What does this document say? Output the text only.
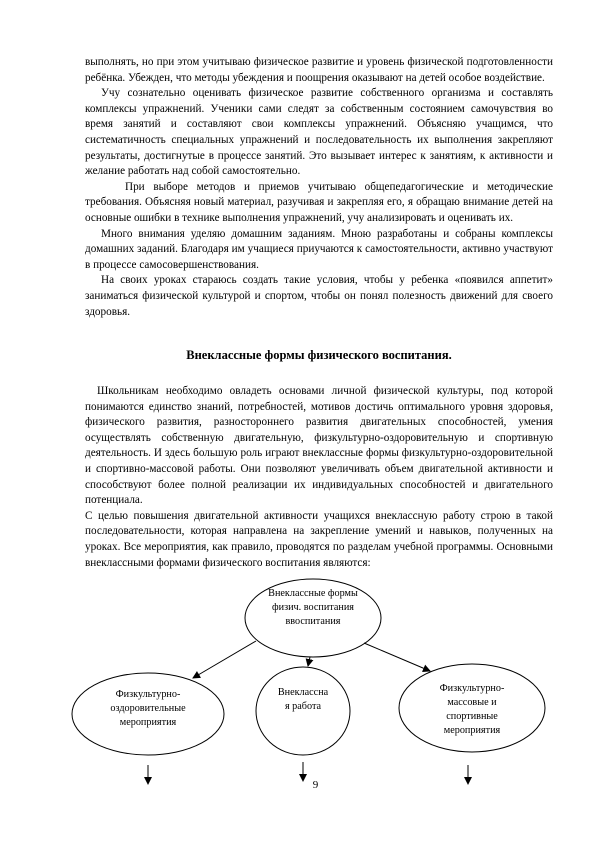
выполнять, но при этом учитываю физическое развитие и уровень физической подготовленности ребёнка. Убежден, что методы убеждения и поощрения оказывают на детей особое воздействие.

Учу сознательно оценивать физическое развитие собственного организма и составлять комплексы упражнений. Ученики сами следят за собственным состоянием самочувствия во время занятий и составляют свои комплексы упражнений. Объясняю учащимся, что систематичность специальных упражнений и последовательность их выполнения закрепляют результаты, достигнутые в процессе занятий. Это вызывает интерес к занятиям, к активности и желание работать над собой самостоятельно.

При выборе методов и приемов учитываю общепедагогические и методические требования. Объясняя новый материал, разучивая и закрепляя его, я обращаю внимание детей на основные ошибки в технике выполнения упражнений, учу анализировать и оценивать их.

Много внимания уделяю домашним заданиям. Мною разработаны и собраны комплексы домашних заданий. Благодаря им учащиеся приучаются к самостоятельности, активно участвуют в процессе самосовершенствования.

На своих уроках стараюсь создать такие условия, чтобы у ребенка «появился аппетит» заниматься физической культурой и спортом, чтобы он понял полезность движений для своего здоровья.

Внеклассные формы физического воспитания.

Школьникам необходимо овладеть основами личной физической культуры, под которой понимаются единство знаний, потребностей, мотивов достичь оптимального уровня здоровья, физического развития, разностороннего развития двигательных способностей, умения осуществлять собственную двигательную, физкультурно-оздоровительную и спортивную деятельность. И здесь большую роль играют внеклассные формы физкультурно-оздоровительной и спортивно-массовой работы. Они позволяют увеличивать объем двигательной активности и способствуют более полной реализации их индивидуальных способностей и двигательного потенциала.

С целью повышения двигательной активности учащихся внеклассную работу строю в такой последовательности, которая направлена на закрепление умений и навыков, полученных на уроках. Все мероприятия, как правило, проводятся по разделам учебной программы. Основными внеклассными формами физического воспитания являются:

Внеклассные формы физич. воспитания ввоспитания
Физкультурно-оздоровительные мероприятия
Внеклассная работа
Физкультурно-массовые и спортивные мероприятия
9
